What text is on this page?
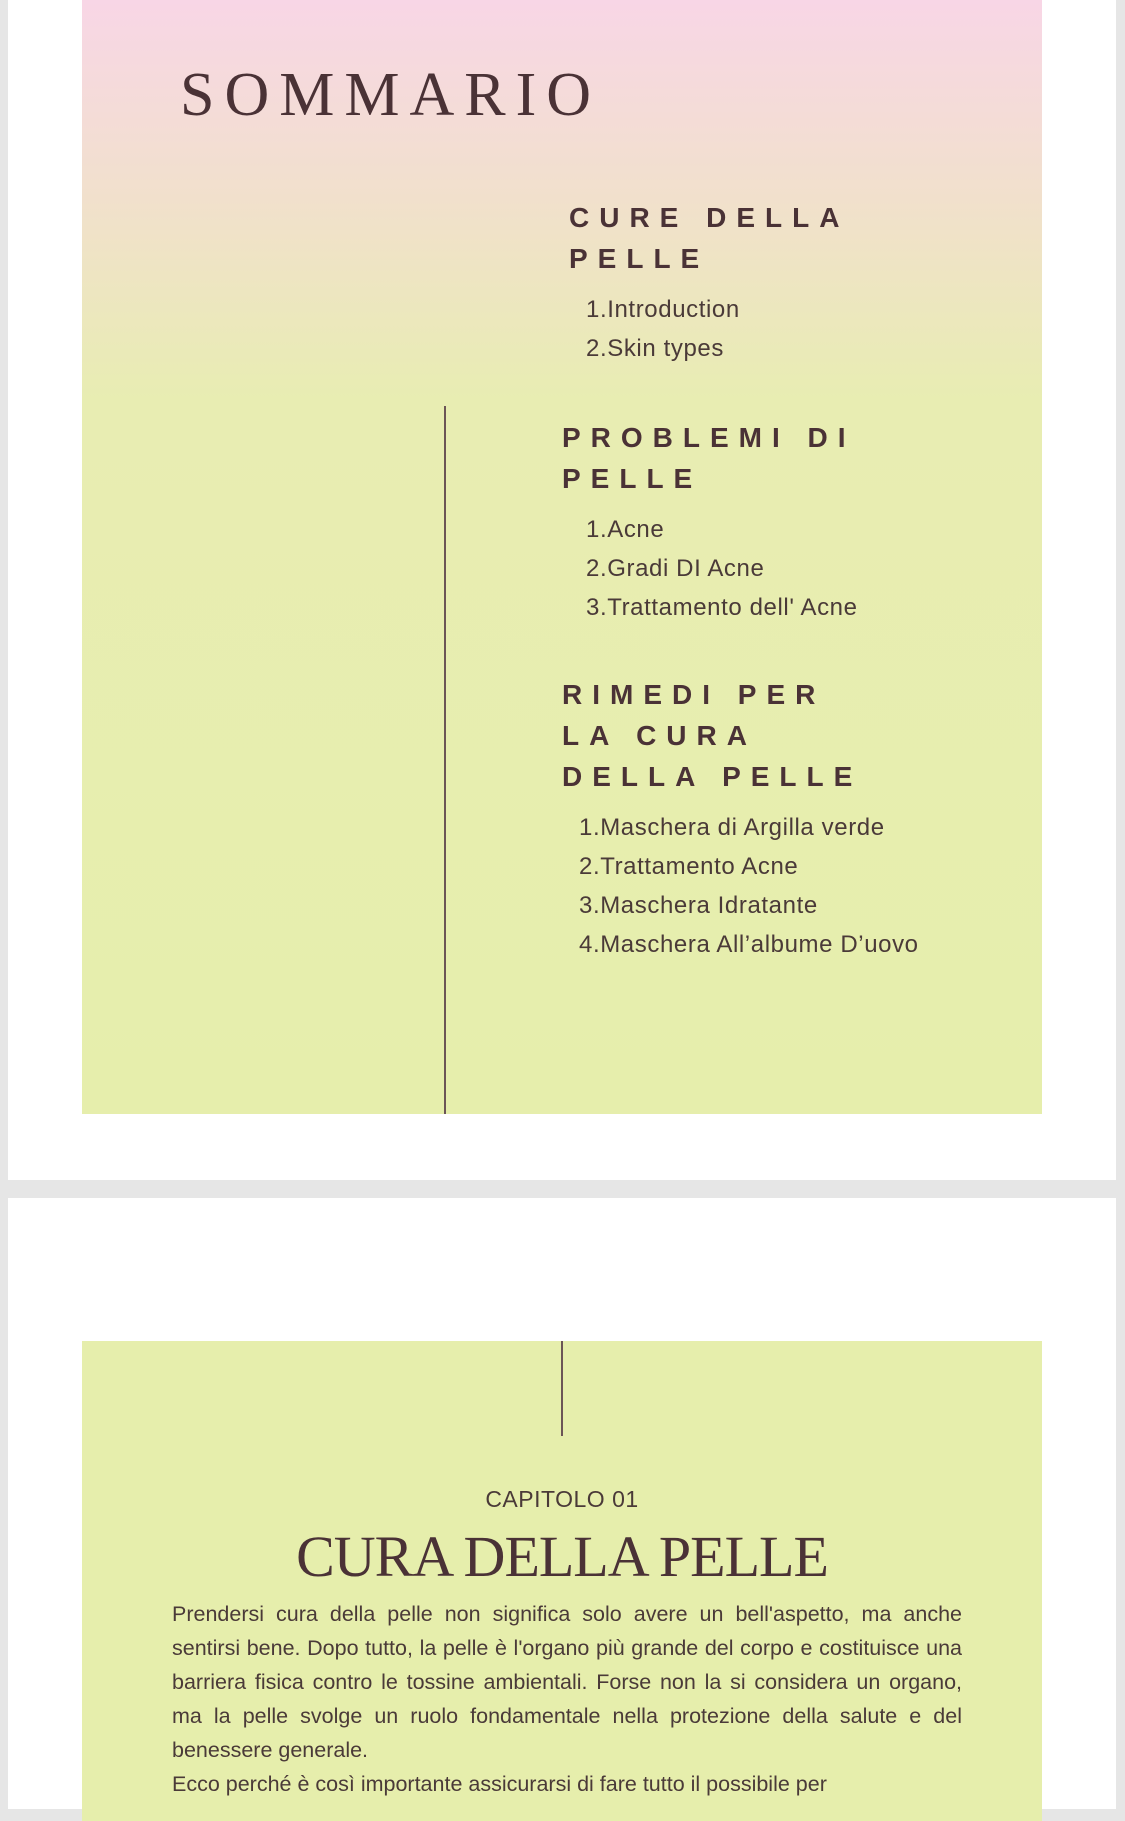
SOMMARIO
CURE DELLA
PELLE
1.Introduction
2.Skin types
PROBLEMI DI
PELLE
1.Acne
2.Gradi DI Acne
3.Trattamento dell' Acne
RIMEDI PER
LA CURA
DELLA PELLE
1.Maschera di Argilla verde
2.Trattamento Acne
3.Maschera Idratante
4.Maschera All’albume D’uovo
CAPITOLO 01
CURA DELLA PELLE

Prendersi cura della pelle non significa solo avere un bell'aspetto, ma anche sentirsi bene. Dopo tutto, la pelle è l'organo più grande del corpo e costituisce una barriera fisica contro le tossine ambientali. Forse non la si considera un organo, ma la pelle svolge un ruolo fondamentale nella protezione della salute e del benessere generale.

Ecco perché è così importante assicurarsi di fare tutto il possibile per
